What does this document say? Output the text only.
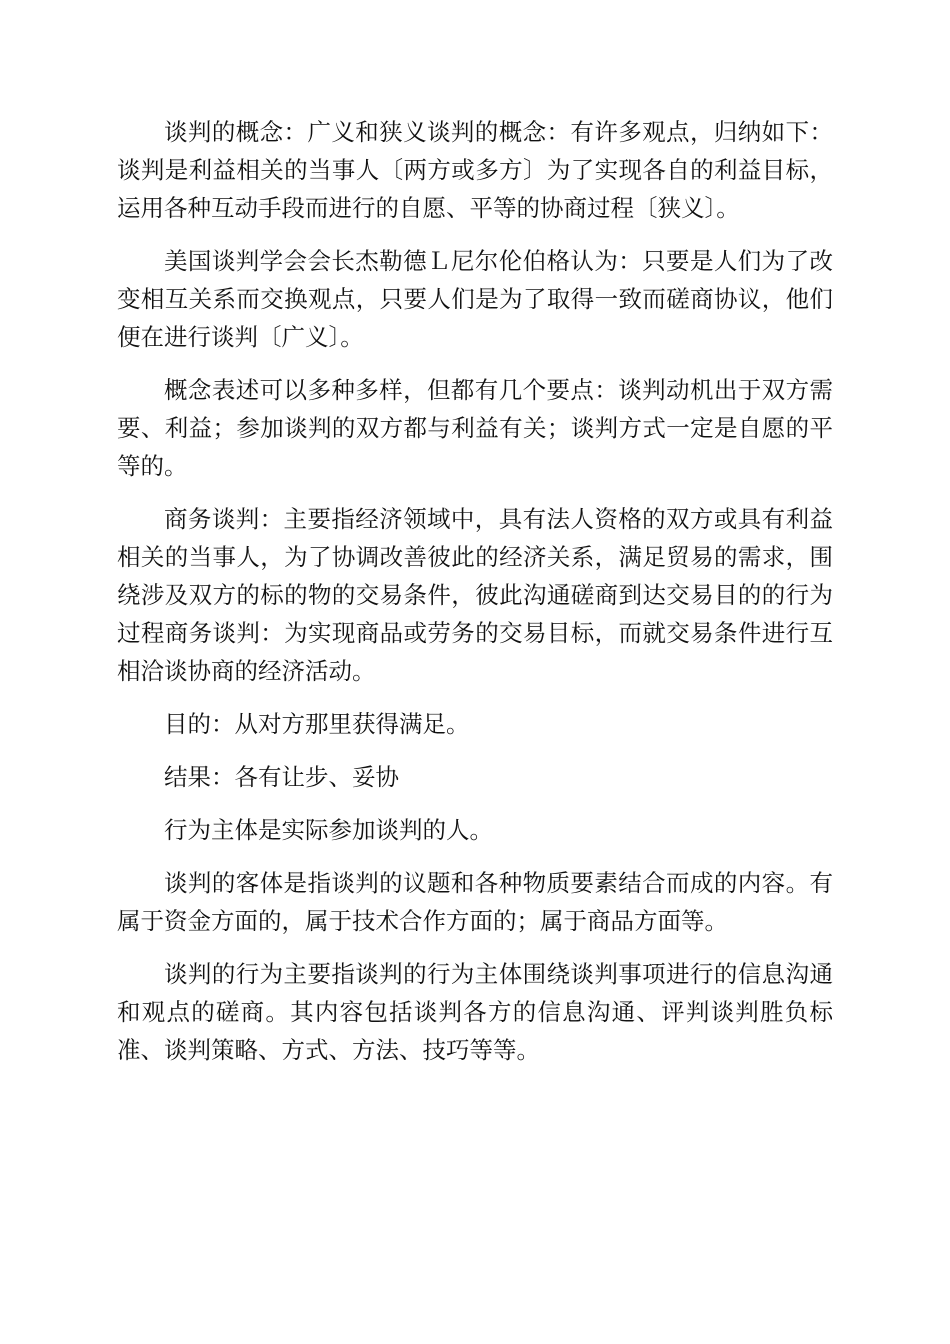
谈判的概念：广义和狭义谈判的概念：有许多观点，归纳如下：谈判是利益相关的当事人〔两方或多方〕为了实现各自的利益目标，运用各种互动手段而进行的自愿、平等的协商过程〔狭义〕。

美国谈判学会会长杰勒德Ｌ尼尔伦伯格认为：只要是人们为了改变相互关系而交换观点，只要人们是为了取得一致而磋商协议，他们便在进行谈判〔广义〕。

概念表述可以多种多样，但都有几个要点：谈判动机出于双方需要、利益；参加谈判的双方都与利益有关；谈判方式一定是自愿的平等的。

商务谈判：主要指经济领域中，具有法人资格的双方或具有利益相关的当事人，为了协调改善彼此的经济关系，满足贸易的需求，围绕涉及双方的标的物的交易条件，彼此沟通磋商到达交易目的的行为过程商务谈判：为实现商品或劳务的交易目标，而就交易条件进行互相洽谈协商的经济活动。

目的：从对方那里获得满足。

结果：各有让步、妥协

行为主体是实际参加谈判的人。

谈判的客体是指谈判的议题和各种物质要素结合而成的内容。有属于资金方面的，属于技术合作方面的；属于商品方面等。

谈判的行为主要指谈判的行为主体围绕谈判事项进行的信息沟通和观点的磋商。其内容包括谈判各方的信息沟通、评判谈判胜负标准、谈判策略、方式、方法、技巧等等。
